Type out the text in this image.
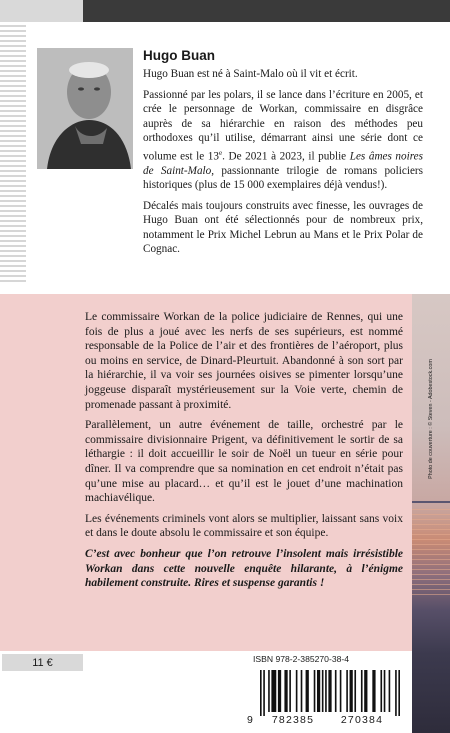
Hugo Buan

Hugo Buan est né à Saint-Malo où il vit et écrit.

Passionné par les polars, il se lance dans l’écriture en 2005, et crée le personnage de Workan, commissaire en disgrâce auprès de sa hiérarchie en raison des méthodes peu orthodoxes qu’il utilise, démarrant ainsi une série dont ce volume est le 13e. De 2021 à 2023, il publie Les âmes noires de Saint-Malo, passionnante trilogie de romans policiers historiques (plus de 15 000 exemplaires déjà vendus!).

Décalés mais toujours construits avec finesse, les ouvrages de Hugo Buan ont été sélectionnés pour de nombreux prix, notamment le Prix Michel Lebrun au Mans et le Prix Polar de Cognac.

Le commissaire Workan de la police judiciaire de Rennes, qui une fois de plus a joué avec les nerfs de ses supérieurs, est nommé responsable de la Police de l’air et des frontières de l’aéroport, plus ou moins en service, de Dinard-Pleurtuit. Abandonné à son sort par la hiérarchie, il va voir ses journées oisives se pimenter lorsqu’une joggeuse disparaît mystérieusement sur la Voie verte, chemin de promenade passant à proximité.

Parallèlement, un autre événement de taille, orchestré par le commissaire divisionnaire Prigent, va définitivement le sortir de sa léthargie : il doit accueillir le soir de Noël un tueur en série pour dîner. Il va comprendre que sa nomination en cet endroit n’était pas qu’une mise au placard… et qu’il est le jouet d’une machination machiavélique.

Les événements criminels vont alors se multiplier, laissant sans voix et dans le doute absolu le commissaire et son équipe.

C’est avec bonheur que l’on retrouve l’insolent mais irrésistible Workan dans cette nouvelle enquête hilarante, à l’énigme habilement construite. Rires et suspense garantis !

Photo de couverture : © Steven - Adobestock.com
11 €	ISBN 978-2-385270-38-4
9	782385	270384
